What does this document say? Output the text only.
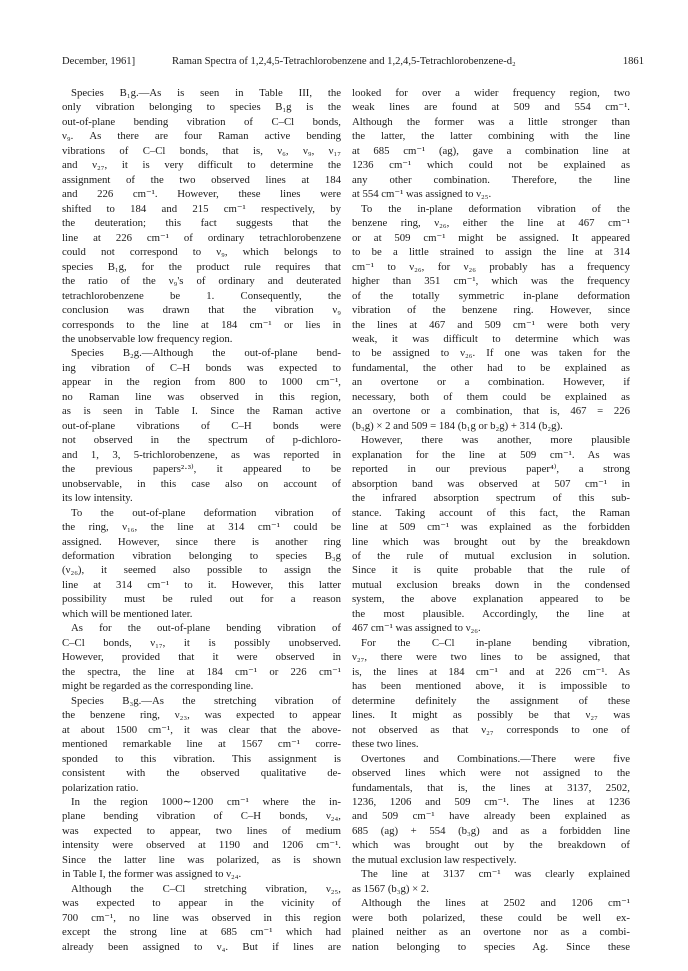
December, 1961]	Raman Spectra of 1,2,4,5-Tetrachlorobenzene and 1,2,4,5-Tetrachlorobenzene-d₂	1861
Species B₁g.—As is seen in Table III, the
only vibration belonging to species B₁g is the
out-of-plane bending vibration of C–Cl bonds,
ν₉. As there are four Raman active bending
vibrations of C–Cl bonds, that is, ν₆, ν₉, ν₁₇
and ν₂₇, it is very difficult to determine the
assignment of the two observed lines at 184
and 226 cm⁻¹. However, these lines were
shifted to 184 and 215 cm⁻¹ respectively, by
the deuteration; this fact suggests that the
line at 226 cm⁻¹ of ordinary tetrachlorobenzene
could not correspond to ν₉, which belongs to
species B₁g, for the product rule requires that
the ratio of the ν₉'s of ordinary and deuterated
tetrachlorobenzene be 1. Consequently, the
conclusion was drawn that the vibration ν₉
corresponds to the line at 184 cm⁻¹ or lies in
the unobservable low frequency region.
Species B₂g.—Although the out-of-plane bend-
ing vibration of C–H bonds was expected to
appear in the region from 800 to 1000 cm⁻¹,
no Raman line was observed in this region,
as is seen in Table I. Since the Raman active
out-of-plane vibrations of C–H bonds were
not observed in the spectrum of p-dichloro-
and 1, 3, 5-trichlorobenzene, as was reported in
the previous papers²·³⁾, it appeared to be
unobservable, in this case also on account of
its low intensity.
To the out-of-plane deformation vibration of
the ring, ν₁₆, the line at 314 cm⁻¹ could be
assigned. However, since there is another ring
deformation vibration belonging to species B₃g
(ν₂₆), it seemed also possible to assign the
line at 314 cm⁻¹ to it. However, this latter
possibility must be ruled out for a reason
which will be mentioned later.
As for the out-of-plane bending vibration of
C–Cl bonds, ν₁₇, it is possibly unobserved.
However, provided that it were observed in
the spectra, the line at 184 cm⁻¹ or 226 cm⁻¹
might be regarded as the corresponding line.
Species B₃g.—As the stretching vibration of
the benzene ring, ν₂₃, was expected to appear
at about 1500 cm⁻¹, it was clear that the above-
mentioned remarkable line at 1567 cm⁻¹ corre-
sponded to this vibration. This assignment is
consistent with the observed qualitative de-
polarization ratio.
In the region 1000∼1200 cm⁻¹ where the in-
plane bending vibration of C–H bonds, ν₂₄,
was expected to appear, two lines of medium
intensity were observed at 1190 and 1206 cm⁻¹.
Since the latter line was polarized, as is shown
in Table I, the former was assigned to ν₂₄.
Although the C–Cl stretching vibration, ν₂₅,
was expected to appear in the vicinity of
700 cm⁻¹, no line was observed in this region
except the strong line at 685 cm⁻¹ which had
already been assigned to ν₄. But if lines are
looked for over a wider frequency region, two
weak lines are found at 509 and 554 cm⁻¹.
Although the former was a little stronger than
the latter, the latter combining with the line
at 685 cm⁻¹ (ag), gave a combination line at
1236 cm⁻¹ which could not be explained as
any other combination. Therefore, the line
at 554 cm⁻¹ was assigned to ν₂₅.
To the in-plane deformation vibration of the
benzene ring, ν₂₆, either the line at 467 cm⁻¹
or at 509 cm⁻¹ might be assigned. It appeared
to be a little strained to assign the line at 314
cm⁻¹ to ν₂₆, for ν₂₆ probably has a frequency
higher than 351 cm⁻¹, which was the frequency
of the totally symmetric in-plane deformation
vibration of the benzene ring. However, since
the lines at 467 and 509 cm⁻¹ were both very
weak, it was difficult to determine which was
to be assigned to ν₂₆. If one was taken for the
fundamental, the other had to be explained as
an overtone or a combination. However, if
necessary, both of them could be explained as
an overtone or a combination, that is, 467 = 226
(b₃g) × 2 and 509 = 184 (b₁g or b₂g) + 314 (b₂g).
However, there was another, more plausible
explanation for the line at 509 cm⁻¹. As was
reported in our previous paper⁴⁾, a strong
absorption band was observed at 507 cm⁻¹ in
the infrared absorption spectrum of this sub-
stance. Taking account of this fact, the Raman
line at 509 cm⁻¹ was explained as the forbidden
line which was brought out by the breakdown
of the rule of mutual exclusion in solution.
Since it is quite probable that the rule of
mutual exclusion breaks down in the condensed
system, the above explanation appeared to be
the most plausible. Accordingly, the line at
467 cm⁻¹ was assigned to ν₂₆.
For the C–Cl in-plane bending vibration,
ν₂₇, there were two lines to be assigned, that
is, the lines at 184 cm⁻¹ and at 226 cm⁻¹. As
has been mentioned above, it is impossible to
determine definitely the assignment of these
lines. It might as possibly be that ν₂₇ was
not observed as that ν₂₇ corresponds to one of
these two lines.
Overtones and Combinations.—There were five
observed lines which were not assigned to the
fundamentals, that is, the lines at 3137, 2502,
1236, 1206 and 509 cm⁻¹. The lines at 1236
and 509 cm⁻¹ have already been explained as
685 (ag) + 554 (b₃g) and as a forbidden line
which was brought out by the breakdown of
the mutual exclusion law respectively.
The line at 3137 cm⁻¹ was clearly explained
as 1567 (b₃g) × 2.
Although the lines at 2502 and 1206 cm⁻¹
were both polarized, these could be well ex-
plained neither as an overtone nor as a combi-
nation belonging to species Ag. Since these
